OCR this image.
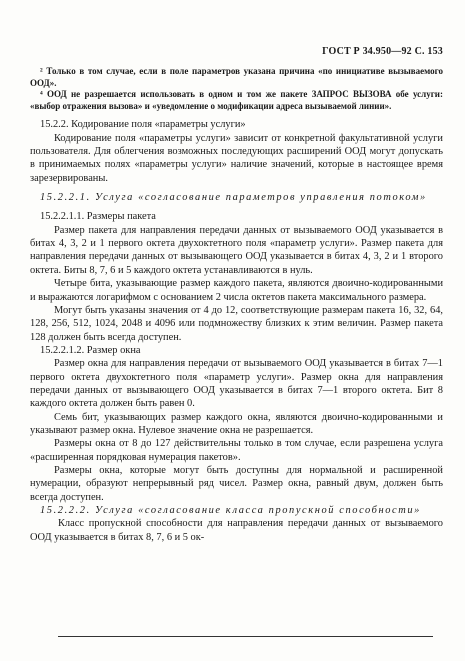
ГОСТ Р 34.950—92 С. 153

² Только в том случае, если в поле параметров указана причина «по инициативе вызываемого ООД».

⁴ ООД не разрешается использовать в одном и том же пакете ЗАПРОС ВЫЗОВА обе услуги: «выбор отражения вызова» и «уведомление о модификации адреса вызываемой линии».

15.2.2. Кодирование поля «параметры услуги»

Кодирование поля «параметры услуги» зависит от конкретной факультативной услуги пользователя. Для облегчения возможных последующих расширений ООД могут допускать в принимаемых полях «параметры услуги» наличие значений, которые в настоящее время зарезервированы.

15.2.2.1. Услуга «согласование параметров управления потоком»

15.2.2.1.1. Размеры пакета

Размер пакета для направления передачи данных от вызываемого ООД указывается в битах 4, 3, 2 и 1 первого октета двухоктетного поля «параметр услуги». Размер пакета для направления передачи данных от вызывающего ООД указывается в битах 4, 3, 2 и 1 второго октета. Биты 8, 7, 6 и 5 каждого октета устанавливаются в нуль.

Четыре бита, указывающие размер каждого пакета, являются двоично-кодированными и выражаются логарифмом с основанием 2 числа октетов пакета максимального размера.

Могут быть указаны значения от 4 до 12, соответствующие размерам пакета 16, 32, 64, 128, 256, 512, 1024, 2048 и 4096 или подмножеству близких к этим величин. Размер пакета 128 должен быть всегда доступен.

15.2.2.1.2. Размер окна

Размер окна для направления передачи от вызываемого ООД указывается в битах 7—1 первого октета двухоктетного поля «параметр услуги». Размер окна для направления передачи данных от вызывающего ООД указывается в битах 7—1 второго октета. Бит 8 каждого октета должен быть равен 0.

Семь бит, указывающих размер каждого окна, являются двоично-кодированными и указывают размер окна. Нулевое значение окна не разрешается.

Размеры окна от 8 до 127 действительны только в том случае, если разрешена услуга «расширенная порядковая нумерация пакетов».

Размеры окна, которые могут быть доступны для нормальной и расширенной нумерации, образуют непрерывный ряд чисел. Размер окна, равный двум, должен быть всегда доступен.

15.2.2.2. Услуга «согласование класса пропускной способности»

Класс пропускной способности для направления передачи данных от вызываемого ООД указывается в битах 8, 7, 6 и 5 ок-
